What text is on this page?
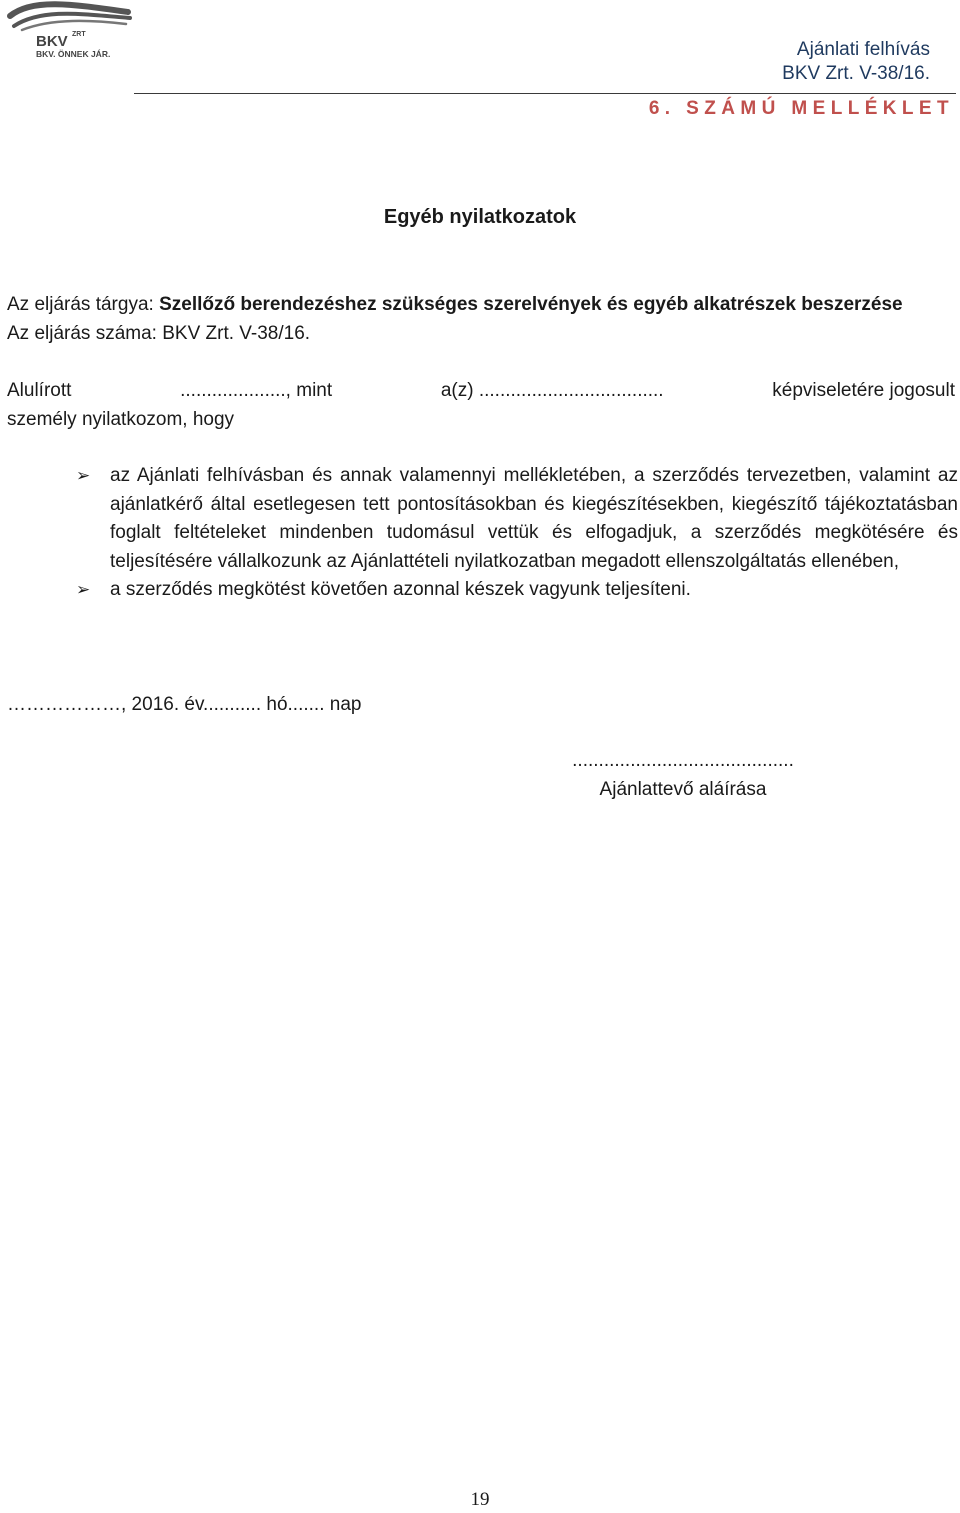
BKV ZRT
BKV. ÖNNEK JÁR.	Ajánlati felhívás
BKV Zrt. V-38/16.
6. SZÁMÚ MELLÉKLET
Egyéb nyilatkozatok
Az eljárás tárgya: Szellőző berendezéshez szükséges szerelvények és egyéb alkatrészek beszerzése
Az eljárás száma: BKV Zrt. V-38/16.
Alulírott	...................., mint	a(z) ...................................	képviseletére jogosult
személy nyilatkozom, hogy
➢ az Ajánlati felhívásban és annak valamennyi mellékletében, a szerződés tervezetben, valamint az ajánlatkérő által esetlegesen tett pontosításokban és kiegészítésekben, kiegészítő tájékoztatásban foglalt feltételeket mindenben tudomásul vettük és elfogadjuk, a szerződés megkötésére és teljesítésére vállalkozunk az Ajánlattételi nyilatkozatban megadott ellenszolgáltatás ellenében,
➢ a szerződés megkötést követően azonnal készek vagyunk teljesíteni.
………………, 2016. év........... hó....... nap
..........................................
Ajánlattevő aláírása
19
